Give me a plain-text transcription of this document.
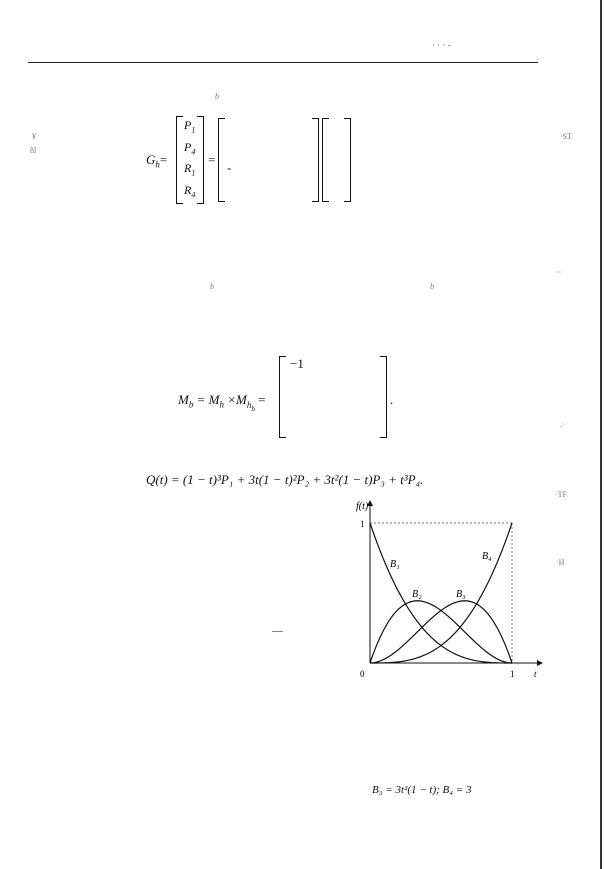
· · · -
b
¥
ñî
·ST
b	b
··
.·
·TF
·H
—
$G_h=$
$P_1$
$P_4$
$R_1$
$R_4$
=
-
$M_b = M_h \times M_{h_b}$ =
−1
.
Q(t) = (1 − t)³P₁ + 3t(1 − t)²P₂ + 3t²(1 − t)P₃ + t³P₄.
f(t)
1
0	1 t
B₁
B₂	B₃
B₄
B₃ = 3t²(1 − t); B₄ = 3
